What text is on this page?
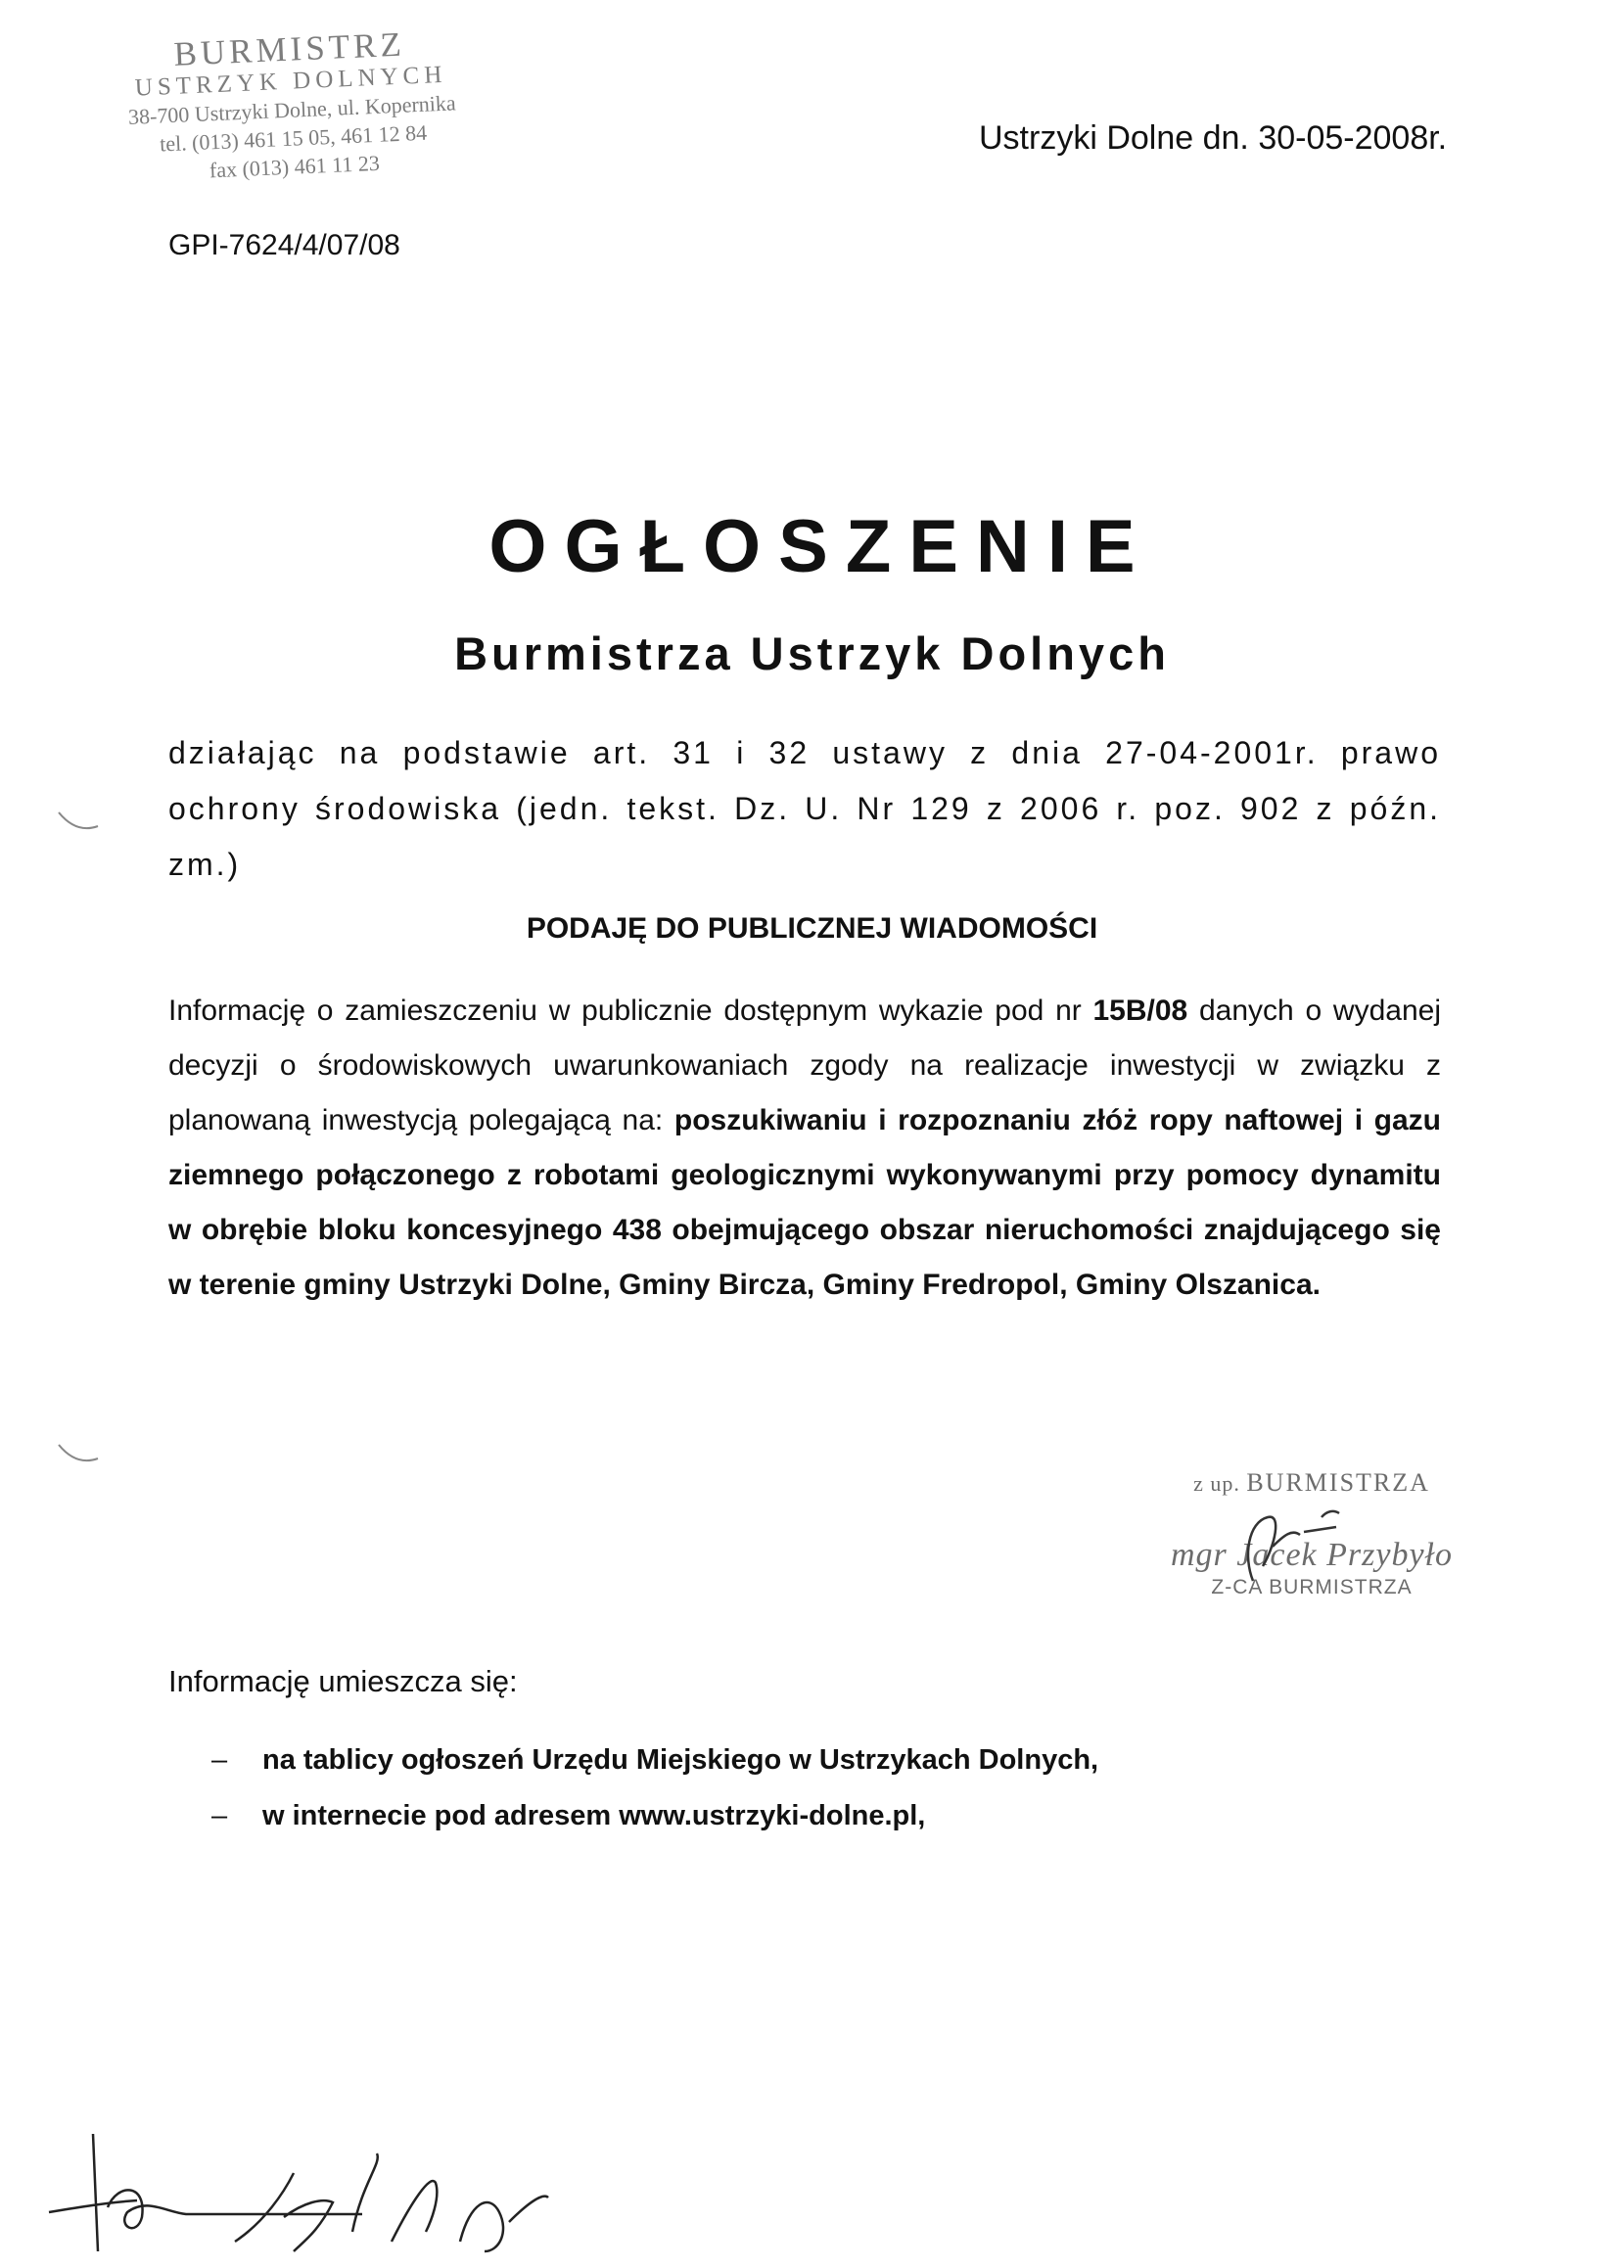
BURMISTRZ
USTRZYK DOLNYCH
38-700 Ustrzyki Dolne, ul. Kopernika
tel. (013) 461 15 05, 461 12 84
fax (013) 461 11 23
Ustrzyki Dolne dn. 30-05-2008r.
GPI-7624/4/07/08
OGŁOSZENIE
Burmistrza Ustrzyk Dolnych
działając na podstawie art. 31 i 32 ustawy z dnia 27-04-2001r. prawo ochrony środowiska (jedn. tekst. Dz. U. Nr 129 z 2006 r. poz. 902 z późn. zm.)
PODAJĘ DO PUBLICZNEJ WIADOMOŚCI
Informację o zamieszczeniu w publicznie dostępnym wykazie pod nr 15B/08 danych o wydanej decyzji o środowiskowych uwarunkowaniach zgody na realizacje inwestycji w związku z planowaną inwestycją polegającą na: poszukiwaniu i rozpoznaniu złóż ropy naftowej i gazu ziemnego połączonego z robotami geologicznymi wykonywanymi przy pomocy dynamitu w obrębie bloku koncesyjnego 438 obejmującego obszar nieruchomości znajdującego się w terenie gminy Ustrzyki Dolne, Gminy Bircza, Gminy Fredropol, Gminy Olszanica.
z up. BURMISTRZA
mgr Jacek Przybyło
Z-CA BURMISTRZA
Informację umieszcza się:
–	na tablicy ogłoszeń Urzędu Miejskiego w Ustrzykach Dolnych,
–	w internecie pod adresem www.ustrzyki-dolne.pl,
